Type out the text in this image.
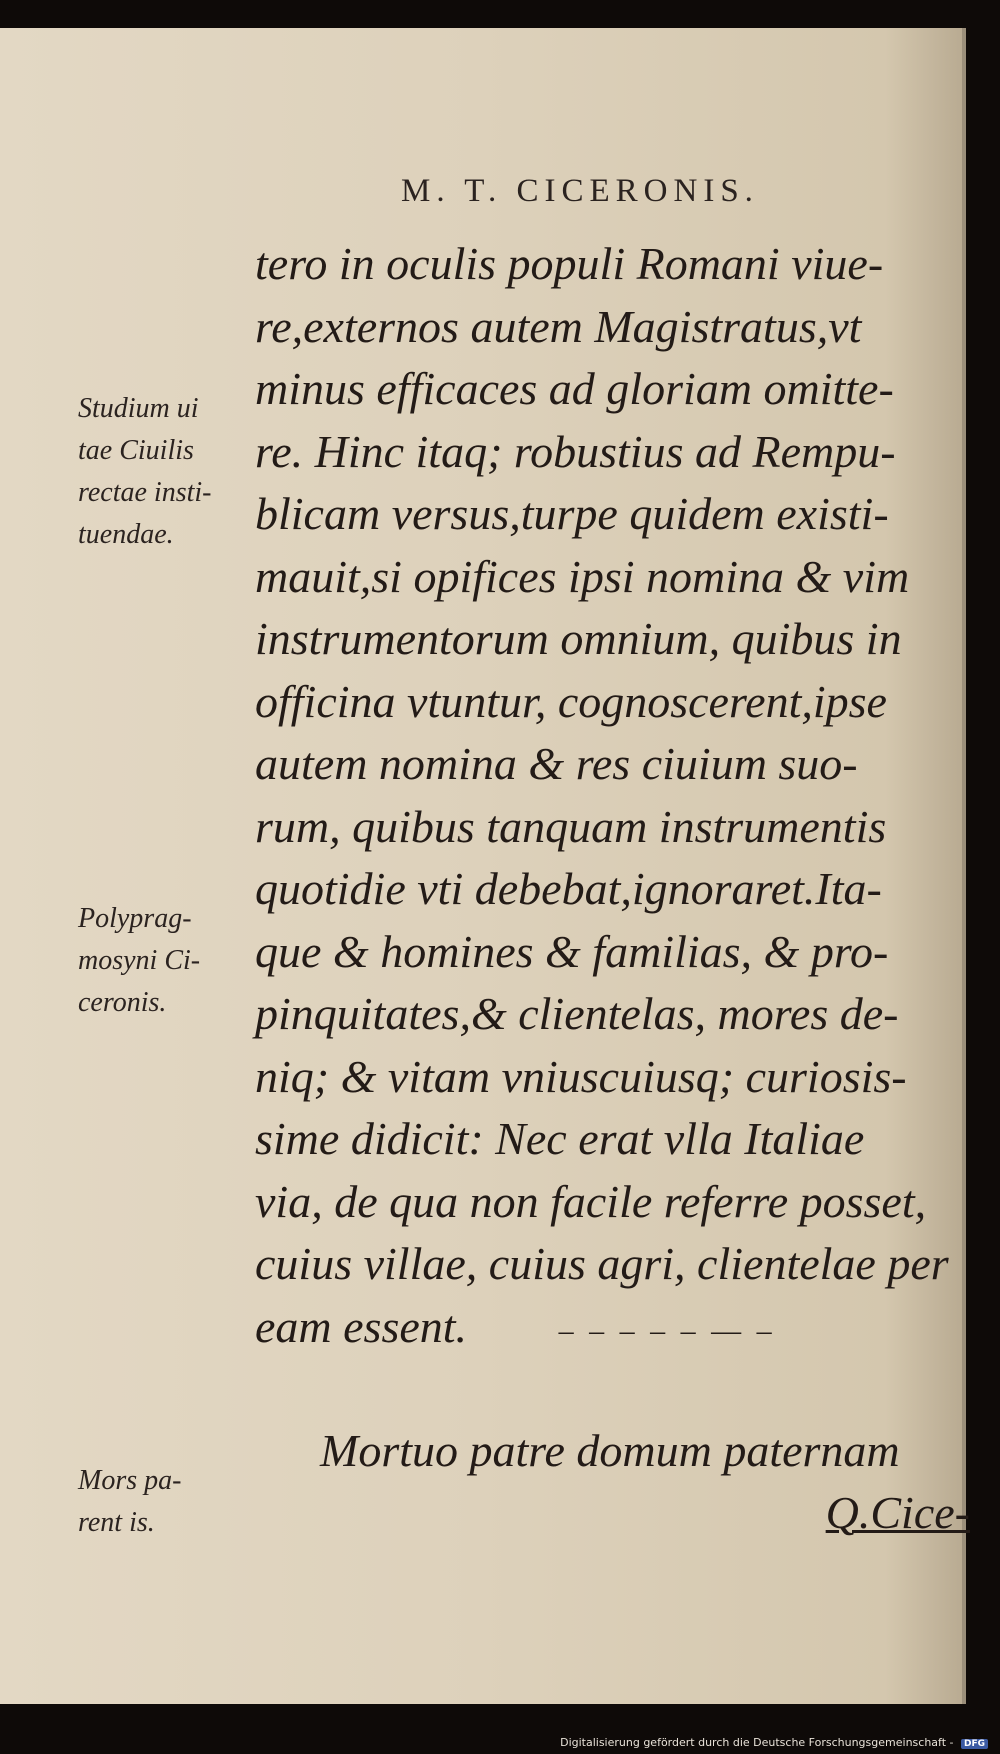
M. T. CICERONIS.
tero in oculis populi Romani viue-
re,externos autem Magistratus,vt
minus efficaces ad gloriam omitte-
re. Hinc itaq; robustius ad Rempu-
blicam versus,turpe quidem existi-
mauit,si opifices ipsi nomina & vim
instrumentorum omnium, quibus in
officina vtuntur, cognoscerent,ipse
autem nomina & res ciuium suo-
rum, quibus tanquam instrumentis
quotidie vti debebat,ignoraret.Ita-
que & homines & familias, & pro-
pinquitates,& clientelas, mores de-
niq; & vitam vniuscuiusq; curiosis-
sime didicit: Nec erat vlla Italiae
via, de qua non facile referre posset,
cuius villae, cuius agri, clientelae per
eam essent.	– – – – – — –
Mortuo patre domum paternam
Q.Cice-
Studium ui
tae Ciuilis
rectae insti-
tuendae.
Polyprag-
mosyni Ci-
ceronis.
Mors pa-
rent is.
Digitalisierung gefördert durch die Deutsche Forschungsgemeinschaft - DFG
